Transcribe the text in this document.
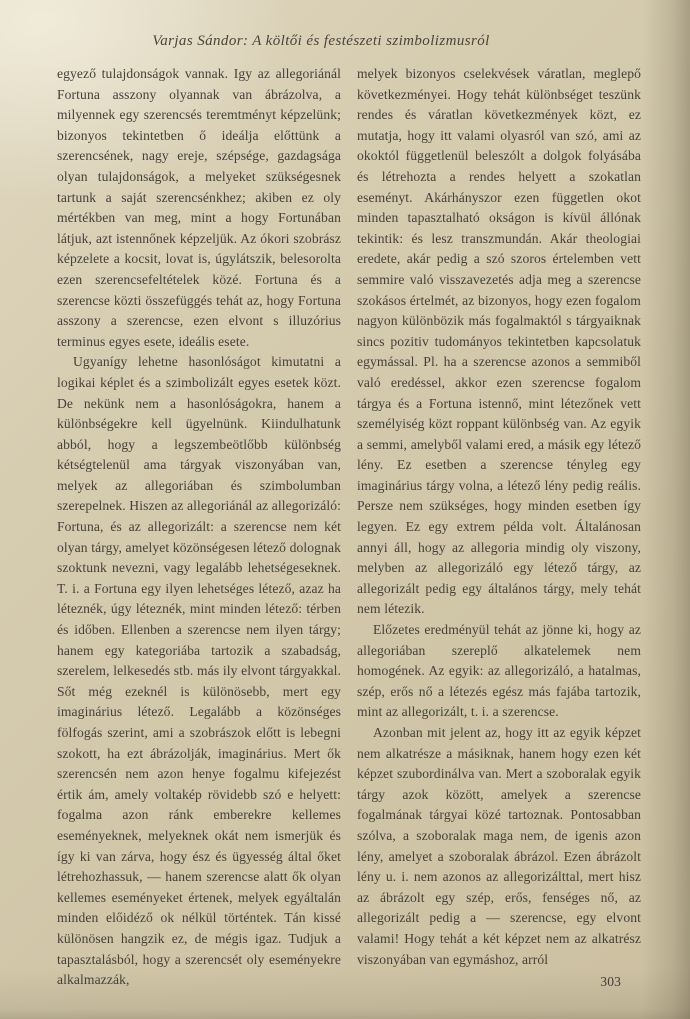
Varjas Sándor: A költői és festészeti szimbolizmusról

egyező tulajdonságok vannak. Igy az allegoriánál Fortuna asszony olyannak van ábrázolva, a milyennek egy szerencsés teremtményt képzelünk; bizonyos tekintetben ő ideálja előttünk a szerencsének, nagy ereje, szépsége, gazdagsága olyan tulajdonságok, a melyeket szükségesnek tartunk a saját szerencsénkhez; akiben ez oly mértékben van meg, mint a hogy Fortunában látjuk, azt istennőnek képzeljük. Az ókori szobrász képzelete a kocsit, lovat is, úgylátszik, belesorolta ezen szerencsefeltételek közé. Fortuna és a szerencse közti összefüggés tehát az, hogy Fortuna asszony a szerencse, ezen elvont s illuzórius terminus egyes esete, ideális esete.

Ugyanígy lehetne hasonlóságot kimutatni a logikai képlet és a szimbolizált egyes esetek közt. De nekünk nem a hasonlóságokra, hanem a különbségekre kell ügyelnünk. Kiindulhatunk abból, hogy a legszembeötlőbb különbség kétségtelenül ama tárgyak viszonyában van, melyek az allegoriában és szimbolumban szerepelnek. Hiszen az allegoriánál az allegorizáló: Fortuna, és az allegorizált: a szerencse nem két olyan tárgy, amelyet közönségesen létező dolognak szoktunk nevezni, vagy legalább lehetségeseknek. T. i. a Fortuna egy ilyen lehetséges létező, azaz ha léteznék, úgy léteznék, mint minden létező: térben és időben. Ellenben a szerencse nem ilyen tárgy; hanem egy kategoriába tartozik a szabadság, szerelem, lelkesedés stb. más ily elvont tárgyakkal. Sőt még ezeknél is különösebb, mert egy imaginárius létező. Legalább a közönséges fölfogás szerint, ami a szobrászok előtt is lebegni szokott, ha ezt ábrázolják, imaginárius. Mert ők szerencsén nem azon henye fogalmu kifejezést értik ám, amely voltakép rövidebb szó e helyett: fogalma azon ránk emberekre kellemes eseményeknek, melyeknek okát nem ismerjük és így ki van zárva, hogy ész és ügyesség által őket létrehozhassuk, — hanem szerencse alatt ők olyan kellemes eseményeket értenek, melyek egyáltalán minden előidéző ok nélkül történtek. Tán kissé különösen hangzik ez, de mégis igaz. Tudjuk a tapasztalásból, hogy a szerencsét oly eseményekre alkalmazzák,

melyek bizonyos cselekvések váratlan, meglepő következményei. Hogy tehát különbséget teszünk rendes és váratlan következmények közt, ez mutatja, hogy itt valami olyasról van szó, ami az okoktól függetlenül beleszólt a dolgok folyásába és létrehozta a rendes helyett a szokatlan eseményt. Akárhányszor ezen független okot minden tapasztalható okságon is kívül állónak tekintik: és lesz transzmundán. Akár theologiai eredete, akár pedig a szó szoros értelemben vett semmire való visszavezetés adja meg a szerencse szokásos értelmét, az bizonyos, hogy ezen fogalom nagyon különbözik más fogalmaktól s tárgyaiknak sincs pozitiv tudományos tekintetben kapcsolatuk egymással. Pl. ha a szerencse azonos a semmiből való eredéssel, akkor ezen szerencse fogalom tárgya és a Fortuna istennő, mint létezőnek vett személyiség közt roppant különbség van. Az egyik a semmi, amelyből valami ered, a másik egy létező lény. Ez esetben a szerencse tényleg egy imaginárius tárgy volna, a létező lény pedig reális. Persze nem szükséges, hogy minden esetben így legyen. Ez egy extrem példa volt. Általánosan annyi áll, hogy az allegoria mindig oly viszony, melyben az allegorizáló egy létező tárgy, az allegorizált pedig egy általános tárgy, mely tehát nem létezik.

Előzetes eredményül tehát az jönne ki, hogy az allegoriában szereplő alkatelemek nem homogének. Az egyik: az allegorizáló, a hatalmas, szép, erős nő a létezés egész más fajába tartozik, mint az allegorizált, t. i. a szerencse.

Azonban mit jelent az, hogy itt az egyik képzet nem alkatrésze a másiknak, hanem hogy ezen két képzet szubordinálva van. Mert a szoboralak egyik tárgy azok között, amelyek a szerencse fogalmának tárgyai közé tartoznak. Pontosabban szólva, a szoboralak maga nem, de igenis azon lény, amelyet a szoboralak ábrázol. Ezen ábrázolt lény u. i. nem azonos az allegorizálttal, mert hisz az ábrázolt egy szép, erős, fenséges nő, az allegorizált pedig a — szerencse, egy elvont valami! Hogy tehát a két képzet nem az alkatrész viszonyában van egymáshoz, arról

303
